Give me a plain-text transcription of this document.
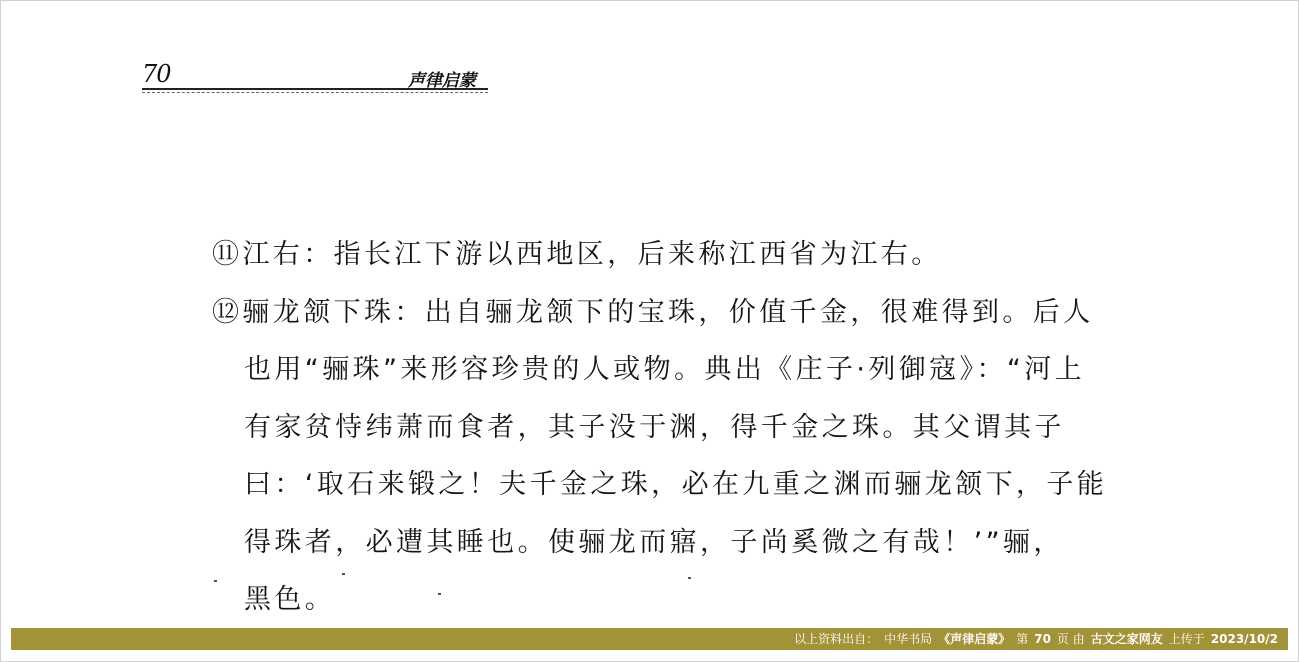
70	声律启蒙
⑪江右：指长江下游以西地区，后来称江西省为江右。
⑫骊龙颔下珠：出自骊龙颔下的宝珠，价值千金，很难得到。后人
也用“骊珠”来形容珍贵的人或物。典出《庄子·列御寇》：“河上
有家贫恃纬萧而食者，其子没于渊，得千金之珠。其父谓其子
曰：‘取石来锻之！夫千金之珠，必在九重之渊而骊龙颔下，子能
得珠者，必遭其睡也。使骊龙而寤，子尚奚微之有哉！’”骊，
黑色。
以上资料出自： 中华书局 《声律启蒙》 第 70 页 由 古文之家网友 上传于 2023/10/2
